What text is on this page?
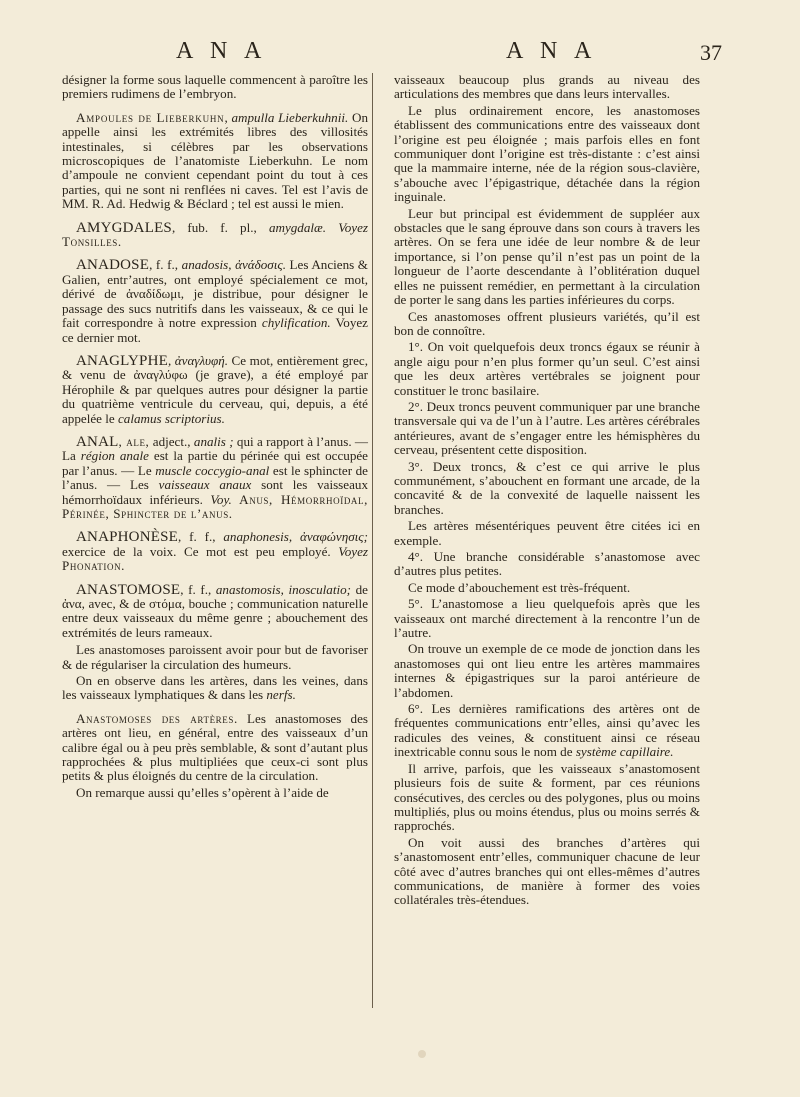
A N A	A N A	37

désigner la forme sous laquelle commencent à paroître les premiers rudimens de l’embryon.

Ampoules de Lieberkuhn, ampulla Lieberkuhnii. On appelle ainsi les extrémités libres des villosités intestinales, si célèbres par les observations microscopiques de l’anatomiste Lieberkuhn. Le nom d’ampoule ne convient cependant point du tout à ces parties, qui ne sont ni renflées ni caves. Tel est l’avis de MM. R. Ad. Hedwig & Béclard ; tel est aussi le mien.

AMYGDALES, fub. f. pl., amygdalæ. Voyez Tonsilles.

ANADOSE, f. f., anadosis, ἀνάδοσις. Les Anciens & Galien, entr’autres, ont employé spécialement ce mot, dérivé de ἀναδίδωμι, je distribue, pour désigner le passage des sucs nutritifs dans les vaisseaux, & ce qui le fait correspondre à notre expression chylification. Voyez ce dernier mot.

ANAGLYPHE, ἀναγλυφή. Ce mot, entièrement grec, & venu de ἀναγλύφω (je grave), a été employé par Hérophile & par quelques autres pour désigner la partie du quatrième ventricule du cerveau, qui, depuis, a été appelée le calamus scriptorius.

ANAL, ale, adject., analis ; qui a rapport à l’anus. — La région anale est la partie du périnée qui est occupée par l’anus. — Le muscle coccygio-anal est le sphincter de l’anus. — Les vaisseaux anaux sont les vaisseaux hémorrhoïdaux inférieurs. Voy. Anus, Hémorrhoïdal, Périnée, Sphincter de l’anus.

ANAPHONÈSE, f. f., anaphonesis, ἀναφώνησις; exercice de la voix. Ce mot est peu employé. Voyez Phonation.

ANASTOMOSE, f. f., anastomosis, inosculatio; de ἀνα, avec, & de στόμα, bouche ; communication naturelle entre deux vaisseaux du même genre ; abouchement des extrémités de leurs rameaux.

Les anastomoses paroissent avoir pour but de favoriser & de régulariser la circulation des humeurs.

On en observe dans les artères, dans les veines, dans les vaisseaux lymphatiques & dans les nerfs.

Anastomoses des artères. Les anastomoses des artères ont lieu, en général, entre des vaisseaux d’un calibre égal ou à peu près semblable, & sont d’autant plus rapprochées & plus multipliées que ceux-ci sont plus petits & plus éloignés du centre de la circulation.

On remarque aussi qu’elles s’opèrent à l’aide de

vaisseaux beaucoup plus grands au niveau des articulations des membres que dans leurs intervalles.

Le plus ordinairement encore, les anastomoses établissent des communications entre des vaisseaux dont l’origine est peu éloignée ; mais parfois elles en font communiquer dont l’origine est très-distante : c’est ainsi que la mammaire interne, née de la région sous-clavière, s’abouche avec l’épigastrique, détachée dans la région inguinale.

Leur but principal est évidemment de suppléer aux obstacles que le sang éprouve dans son cours à travers les artères. On se fera une idée de leur nombre & de leur importance, si l’on pense qu’il n’est pas un point de la longueur de l’aorte descendante à l’oblitération duquel elles ne puissent remédier, en permettant à la circulation de porter le sang dans les parties inférieures du corps.

Ces anastomoses offrent plusieurs variétés, qu’il est bon de connoître.

1°. On voit quelquefois deux troncs égaux se réunir à angle aigu pour n’en plus former qu’un seul. C’est ainsi que les deux artères vertébrales se joignent pour constituer le tronc basilaire.

2°. Deux troncs peuvent communiquer par une branche transversale qui va de l’un à l’autre. Les artères cérébrales antérieures, avant de s’engager entre les hémisphères du cerveau, présentent cette disposition.

3°. Deux troncs, & c’est ce qui arrive le plus communément, s’abouchent en formant une arcade, de la concavité & de la convexité de laquelle naissent les branches.

Les artères mésentériques peuvent être citées ici en exemple.

4°. Une branche considérable s’anastomose avec d’autres plus petites.

Ce mode d’abouchement est très-fréquent.

5°. L’anastomose a lieu quelquefois après que les vaisseaux ont marché directement à la rencontre l’un de l’autre.

On trouve un exemple de ce mode de jonction dans les anastomoses qui ont lieu entre les artères mammaires internes & épigastriques sur la paroi antérieure de l’abdomen.

6°. Les dernières ramifications des artères ont de fréquentes communications entr’elles, ainsi qu’avec les radicules des veines, & constituent ainsi ce réseau inextricable connu sous le nom de système capillaire.

Il arrive, parfois, que les vaisseaux s’anastomosent plusieurs fois de suite & forment, par ces réunions consécutives, des cercles ou des polygones, plus ou moins multipliés, plus ou moins étendus, plus ou moins serrés & rapprochés.

On voit aussi des branches d’artères qui s’anastomosent entr’elles, communiquer chacune de leur côté avec d’autres branches qui ont elles-mêmes d’autres communications, de manière à former des voies collatérales très-étendues.
